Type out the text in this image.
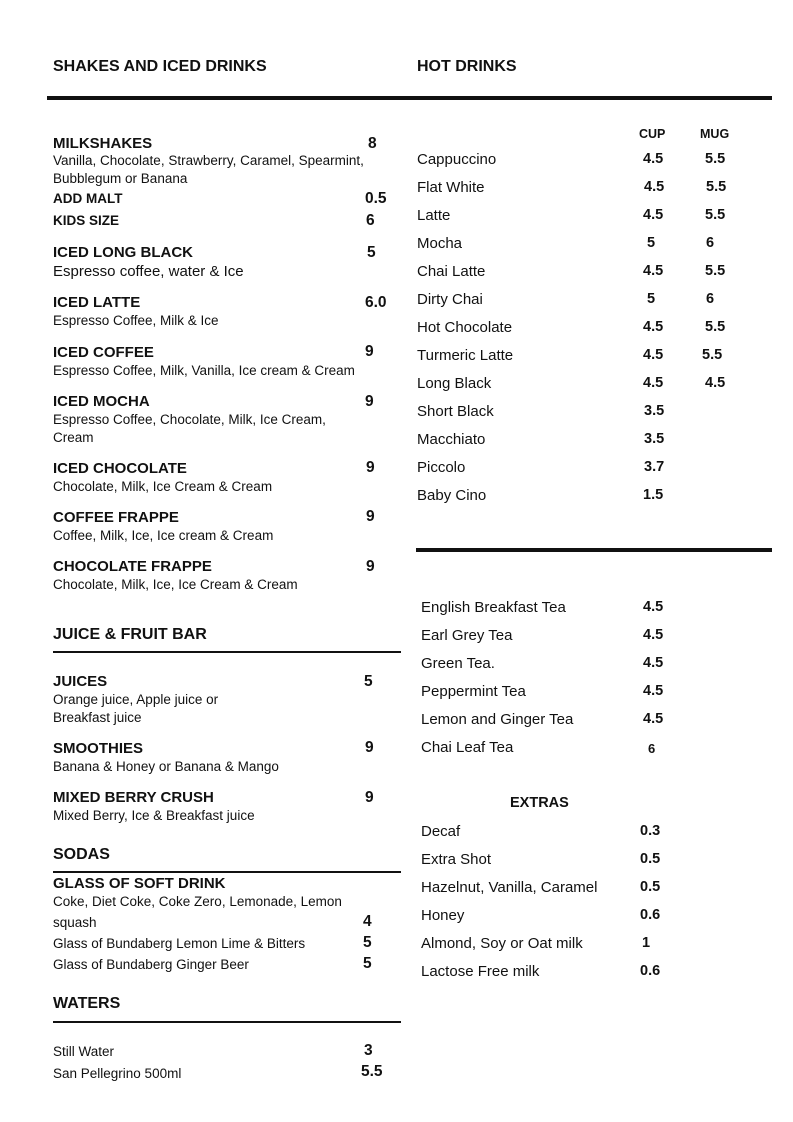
SHAKES AND ICED DRINKS	HOT DRINKS
MILKSHAKES	8
Vanilla, Chocolate, Strawberry, Caramel, Spearmint,
Bubblegum or Banana
ADD MALT	0.5
KIDS SIZE	6
ICED LONG BLACK	5
Espresso coffee, water & Ice
ICED LATTE	6.0
Espresso Coffee, Milk & Ice
ICED COFFEE	9
Espresso Coffee, Milk, Vanilla, Ice cream & Cream
ICED MOCHA	9
Espresso Coffee, Chocolate, Milk, Ice Cream,
Cream
ICED CHOCOLATE	9
Chocolate, Milk, Ice Cream & Cream
COFFEE FRAPPE	9
Coffee, Milk, Ice, Ice cream & Cream
CHOCOLATE FRAPPE	9
Chocolate, Milk, Ice, Ice Cream & Cream
JUICE & FRUIT BAR
JUICES	5
Orange juice, Apple juice or
Breakfast juice
SMOOTHIES	9
Banana & Honey or Banana & Mango
MIXED BERRY CRUSH	9
Mixed Berry, Ice & Breakfast juice
SODAS
GLASS OF SOFT DRINK
Coke, Diet Coke, Coke Zero, Lemonade, Lemon
squash	4
Glass of Bundaberg Lemon Lime & Bitters	5
Glass of Bundaberg Ginger Beer	5
WATERS
Still Water	3
San Pellegrino 500ml	5.5
CUP	MUG
Cappuccino	4.5	5.5
Flat White	4.5	5.5
Latte	4.5	5.5
Mocha	5	6
Chai Latte	4.5	5.5
Dirty Chai	5	6
Hot Chocolate	4.5	5.5
Turmeric Latte	4.5	5.5
Long Black	4.5	4.5
Short Black	3.5
Macchiato	3.5
Piccolo	3.7
Baby Cino	1.5
English Breakfast Tea	4.5
Earl Grey Tea	4.5
Green Tea.	4.5
Peppermint Tea	4.5
Lemon and Ginger Tea	4.5
Chai Leaf Tea	6
EXTRAS
Decaf	0.3
Extra Shot	0.5
Hazelnut, Vanilla, Caramel	0.5
Honey	0.6
Almond, Soy or Oat milk	1
Lactose Free milk	0.6
